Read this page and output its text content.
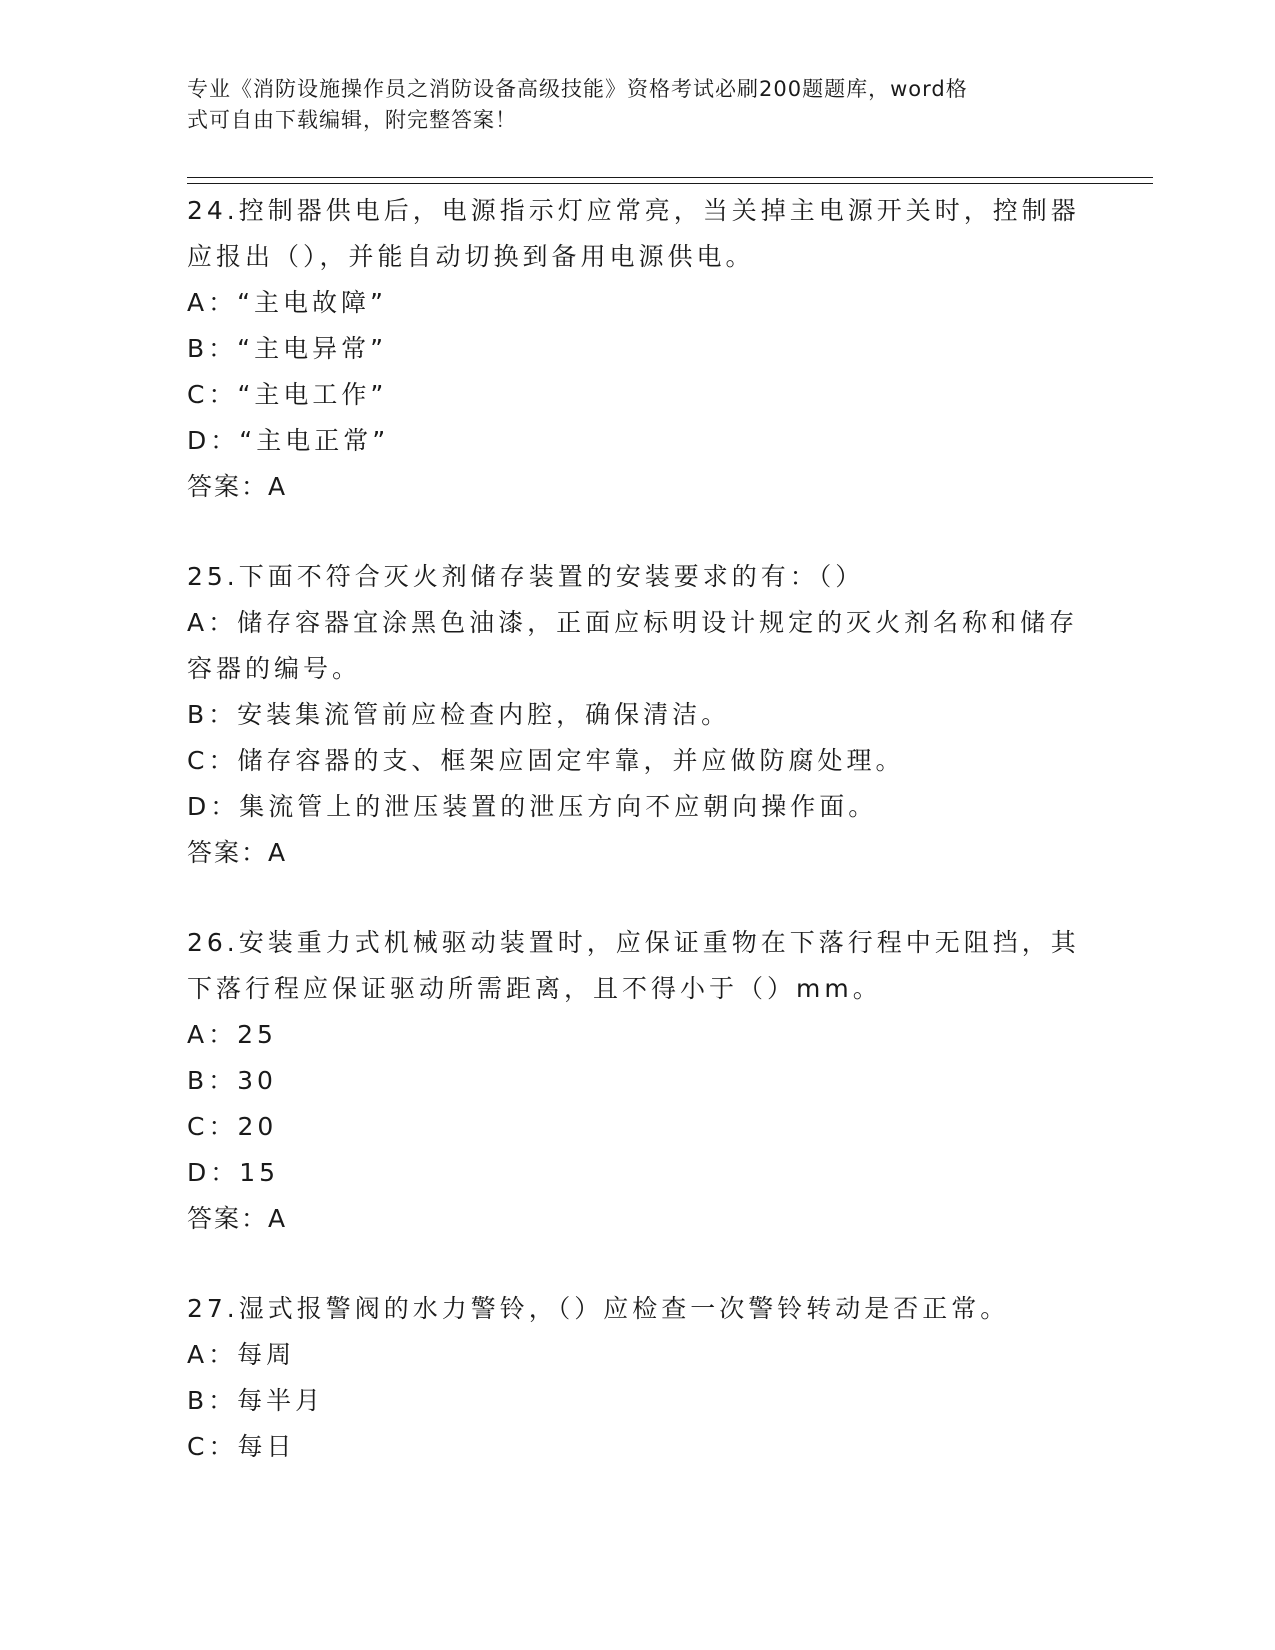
专业《消防设施操作员之消防设备高级技能》资格考试必刷200题题库，word格
式可自由下载编辑，附完整答案！
24.控制器供电后，电源指示灯应常亮，当关掉主电源开关时，控制器
应报出（），并能自动切换到备用电源供电。
A：“主电故障”
B：“主电异常”
C：“主电工作”
D：“主电正常”
答案：A
25.下面不符合灭火剂储存装置的安装要求的有：（）
A：储存容器宜涂黑色油漆，正面应标明设计规定的灭火剂名称和储存
容器的编号。
B：安装集流管前应检查内腔，确保清洁。
C：储存容器的支、框架应固定牢靠，并应做防腐处理。
D：集流管上的泄压装置的泄压方向不应朝向操作面。
答案：A
26.安装重力式机械驱动装置时，应保证重物在下落行程中无阻挡，其
下落行程应保证驱动所需距离，且不得小于（）mm。
A：25
B：30
C：20
D：15
答案：A
27.湿式报警阀的水力警铃，（）应检查一次警铃转动是否正常。
A：每周
B：每半月
C：每日
